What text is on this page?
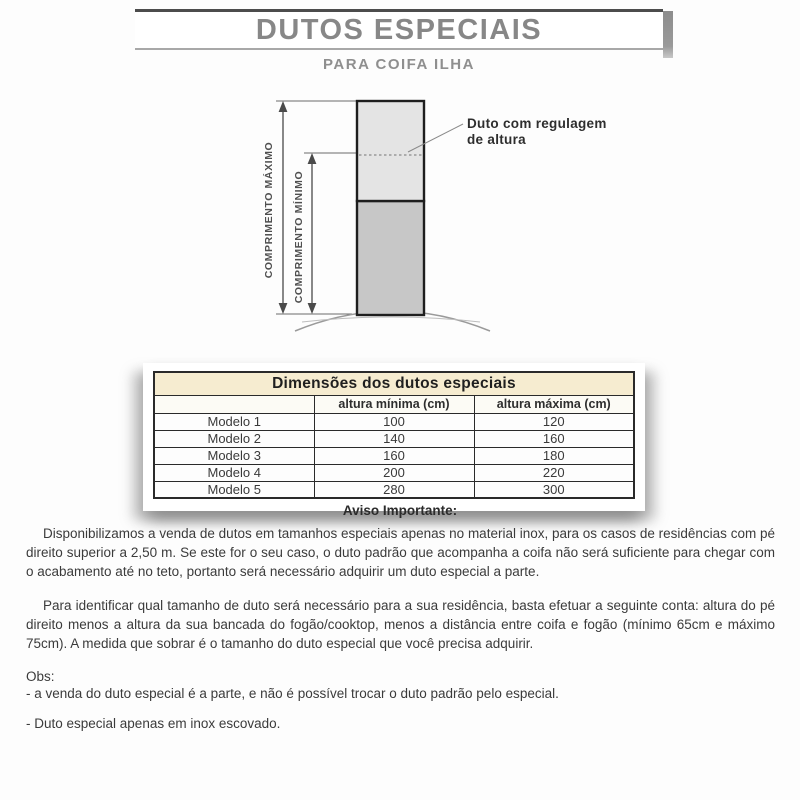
DUTOS ESPECIAIS
PARA COIFA ILHA
Duto com regulagem
de altura
COMPRIMENTO MÁXIMO COMPRIMENTO MÍNIMO
Dimensões dos dutos especiais		
	altura mínima (cm)	altura máxima (cm)
Modelo 1	100	120
Modelo 2	140	160
Modelo 3	160	180
Modelo 4	200	220
Modelo 5	280	300
Aviso Importante:
Disponibilizamos a venda de dutos em tamanhos especiais apenas no material inox, para os casos de residências com pé direito superior a 2,50 m. Se este for o seu caso, o duto padrão que acompanha a coifa não será suficiente para chegar com o acabamento até no teto, portanto será necessário adquirir um duto especial a parte.
Para identificar qual tamanho de duto será necessário para a sua residência, basta efetuar a seguinte conta: altura do pé direito menos a altura da sua bancada do fogão/cooktop, menos a distância entre coifa e fogão (mínimo 65cm e máximo 75cm). A medida que sobrar é o tamanho do duto especial que você precisa adquirir.
Obs:
- a venda do duto especial é a parte, e não é possível trocar o duto padrão pelo especial.
- Duto especial apenas em inox escovado.
